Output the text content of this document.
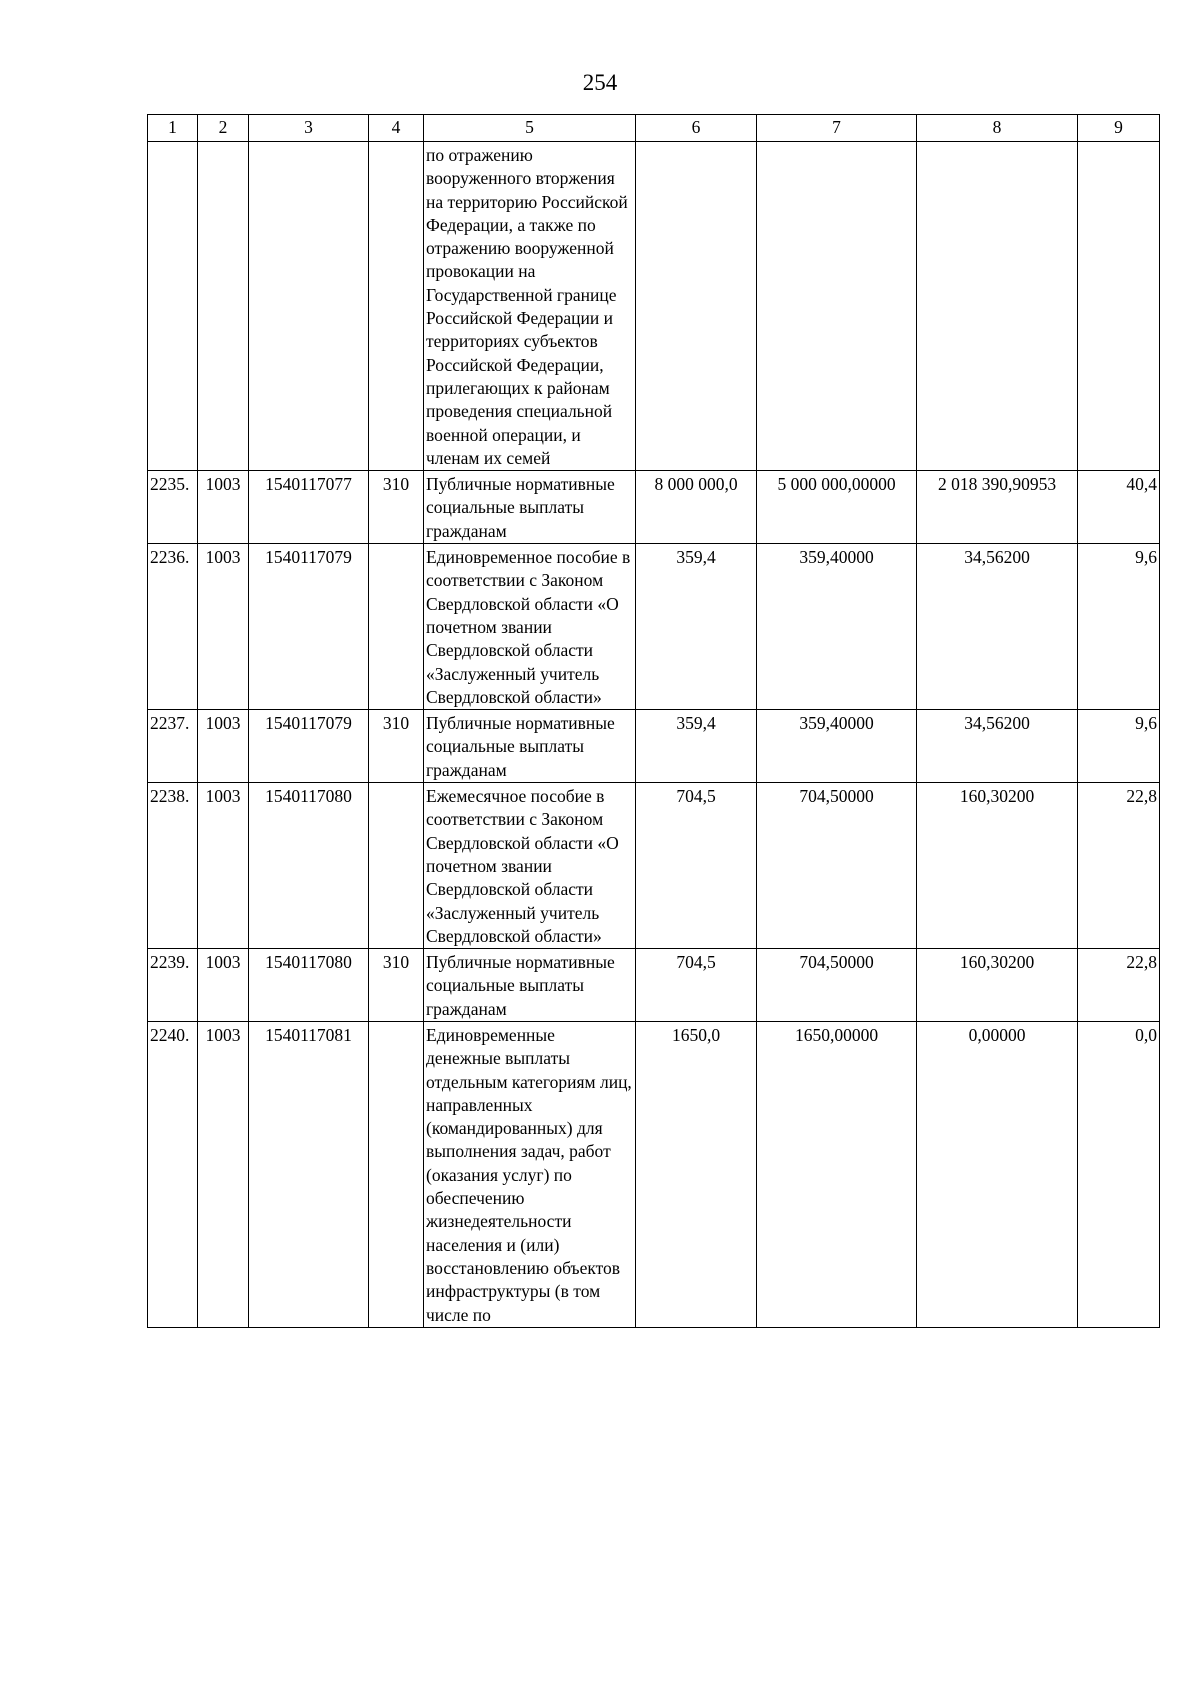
254
1	2	3	4	5	6	7	8	9
				по отражению вооруженного вторжения на территорию Российской Федерации, а также по отражению вооруженной провокации на Государственной границе Российской Федерации и территориях субъектов Российской Федерации, прилегающих к районам проведения специальной военной операции, и членам их семей				
2235.	1003	1540117077	310	Публичные нормативные социальные выплаты гражданам	8 000 000,0	5 000 000,00000	2 018 390,90953	40,4
2236.	1003	1540117079		Единовременное пособие в соответствии с Законом Свердловской области «О почетном звании Свердловской области «Заслуженный учитель Свердловской области»	359,4	359,40000	34,56200	9,6
2237.	1003	1540117079	310	Публичные нормативные социальные выплаты гражданам	359,4	359,40000	34,56200	9,6
2238.	1003	1540117080		Ежемесячное пособие в соответствии с Законом Свердловской области «О почетном звании Свердловской области «Заслуженный учитель Свердловской области»	704,5	704,50000	160,30200	22,8
2239.	1003	1540117080	310	Публичные нормативные социальные выплаты гражданам	704,5	704,50000	160,30200	22,8
2240.	1003	1540117081		Единовременные денежные выплаты отдельным категориям лиц, направленных (командированных) для выполнения задач, работ (оказания услуг) по обеспечению жизнедеятельности населения и (или) восстановлению объектов инфраструктуры (в том числе по	1650,0	1650,00000	0,00000	0,0
